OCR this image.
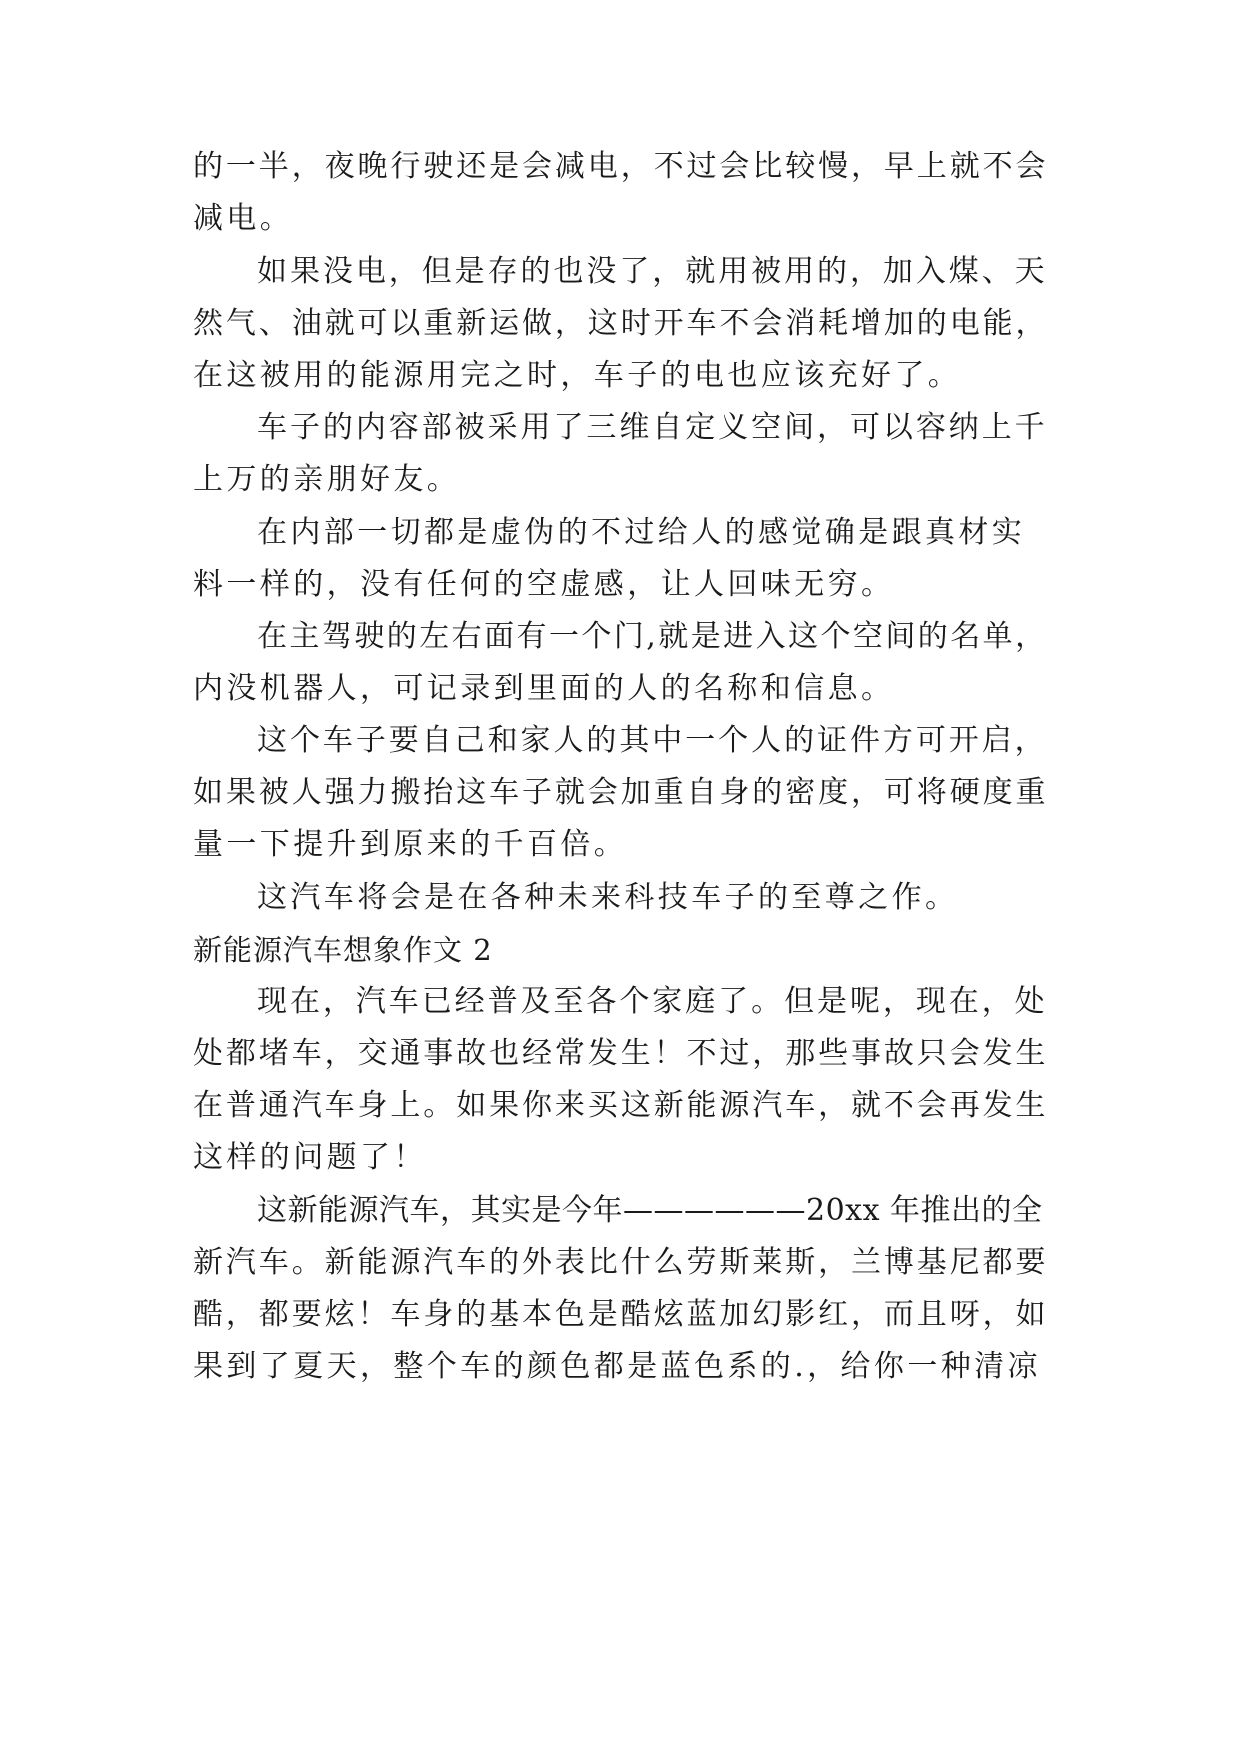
的一半，夜晚行驶还是会减电，不过会比较慢，早上就不会
减电。
如果没电，但是存的也没了，就用被用的，加入煤、天
然气、油就可以重新运做，这时开车不会消耗增加的电能，
在这被用的能源用完之时，车子的电也应该充好了。
车子的内容部被采用了三维自定义空间，可以容纳上千
上万的亲朋好友。
在内部一切都是虚伪的不过给人的感觉确是跟真材实
料一样的，没有任何的空虚感，让人回味无穷。
在主驾驶的左右面有一个门,就是进入这个空间的名单，
内没机器人，可记录到里面的人的名称和信息。
这个车子要自己和家人的其中一个人的证件方可开启，
如果被人强力搬抬这车子就会加重自身的密度，可将硬度重
量一下提升到原来的千百倍。
这汽车将会是在各种未来科技车子的至尊之作。
新能源汽车想象作文 2
现在，汽车已经普及至各个家庭了。但是呢，现在，处
处都堵车，交通事故也经常发生！不过，那些事故只会发生
在普通汽车身上。如果你来买这新能源汽车，就不会再发生
这样的问题了！
这新能源汽车，其实是今年——————20xx 年推出的全
新汽车。新能源汽车的外表比什么劳斯莱斯，兰博基尼都要
酷，都要炫！车身的基本色是酷炫蓝加幻影红，而且呀，如
果到了夏天，整个车的颜色都是蓝色系的.，给你一种清凉
